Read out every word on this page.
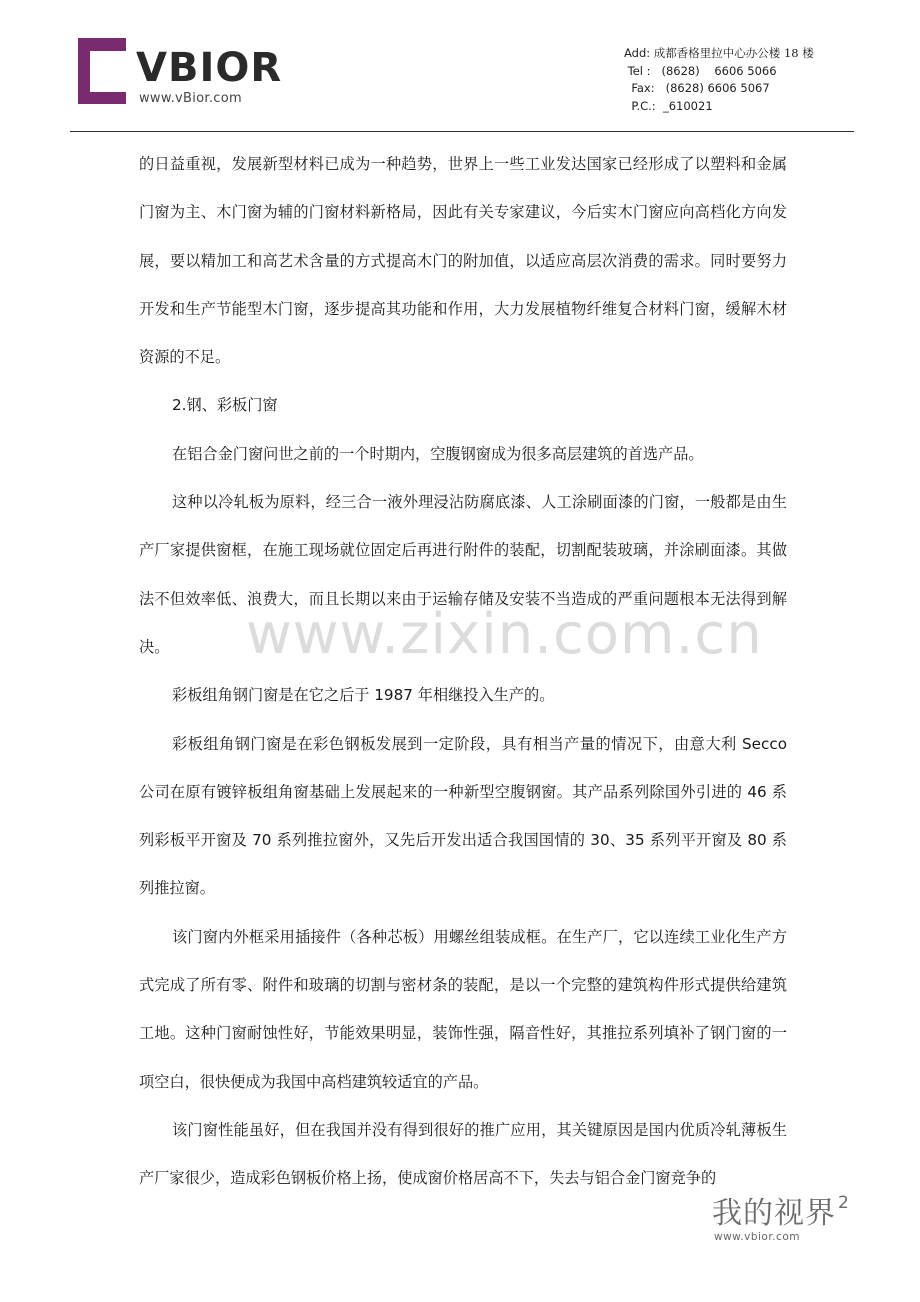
VBIOR
www.vBior.com
Add: 成都香格里拉中心办公楼 18 楼
Tel : (8628)    6606 5066
Fax: (8628) 6606 5067
P.C.: _610021

的日益重视，发展新型材料已成为一种趋势，世界上一些工业发达国家已经形成了以塑料和金属门窗为主、木门窗为辅的门窗材料新格局，因此有关专家建议，今后实木门窗应向高档化方向发展，要以精加工和高艺术含量的方式提高木门的附加值，以适应高层次消费的需求。同时要努力开发和生产节能型木门窗，逐步提高其功能和作用，大力发展植物纤维复合材料门窗，缓解木材资源的不足。

2.钢、彩板门窗

在铝合金门窗问世之前的一个时期内，空腹钢窗成为很多高层建筑的首选产品。

这种以冷轧板为原料，经三合一液外理浸沾防腐底漆、人工涂刷面漆的门窗，一般都是由生产厂家提供窗框，在施工现场就位固定后再进行附件的装配，切割配装玻璃，并涂刷面漆。其做法不但效率低、浪费大，而且长期以来由于运输存储及安装不当造成的严重问题根本无法得到解决。

彩板组角钢门窗是在它之后于 1987 年相继投入生产的。

彩板组角钢门窗是在彩色钢板发展到一定阶段，具有相当产量的情况下，由意大利 Secco 公司在原有镀锌板组角窗基础上发展起来的一种新型空腹钢窗。其产品系列除国外引进的 46 系列彩板平开窗及 70 系列推拉窗外，又先后开发出适合我国国情的 30、35 系列平开窗及 80 系列推拉窗。

该门窗内外框采用插接件（各种芯板）用螺丝组装成框。在生产厂，它以连续工业化生产方式完成了所有零、附件和玻璃的切割与密材条的装配，是以一个完整的建筑构件形式提供给建筑工地。这种门窗耐蚀性好，节能效果明显，装饰性强，隔音性好，其推拉系列填补了钢门窗的一项空白，很快便成为我国中高档建筑较适宜的产品。

该门窗性能虽好，但在我国并没有得到很好的推广应用，其关键原因是国内优质冷轧薄板生产厂家很少，造成彩色钢板价格上扬，使成窗价格居高不下，失去与铝合金门窗竞争的

www.zixin.com.cn
我的视界 $^2$
www.vbior.com
